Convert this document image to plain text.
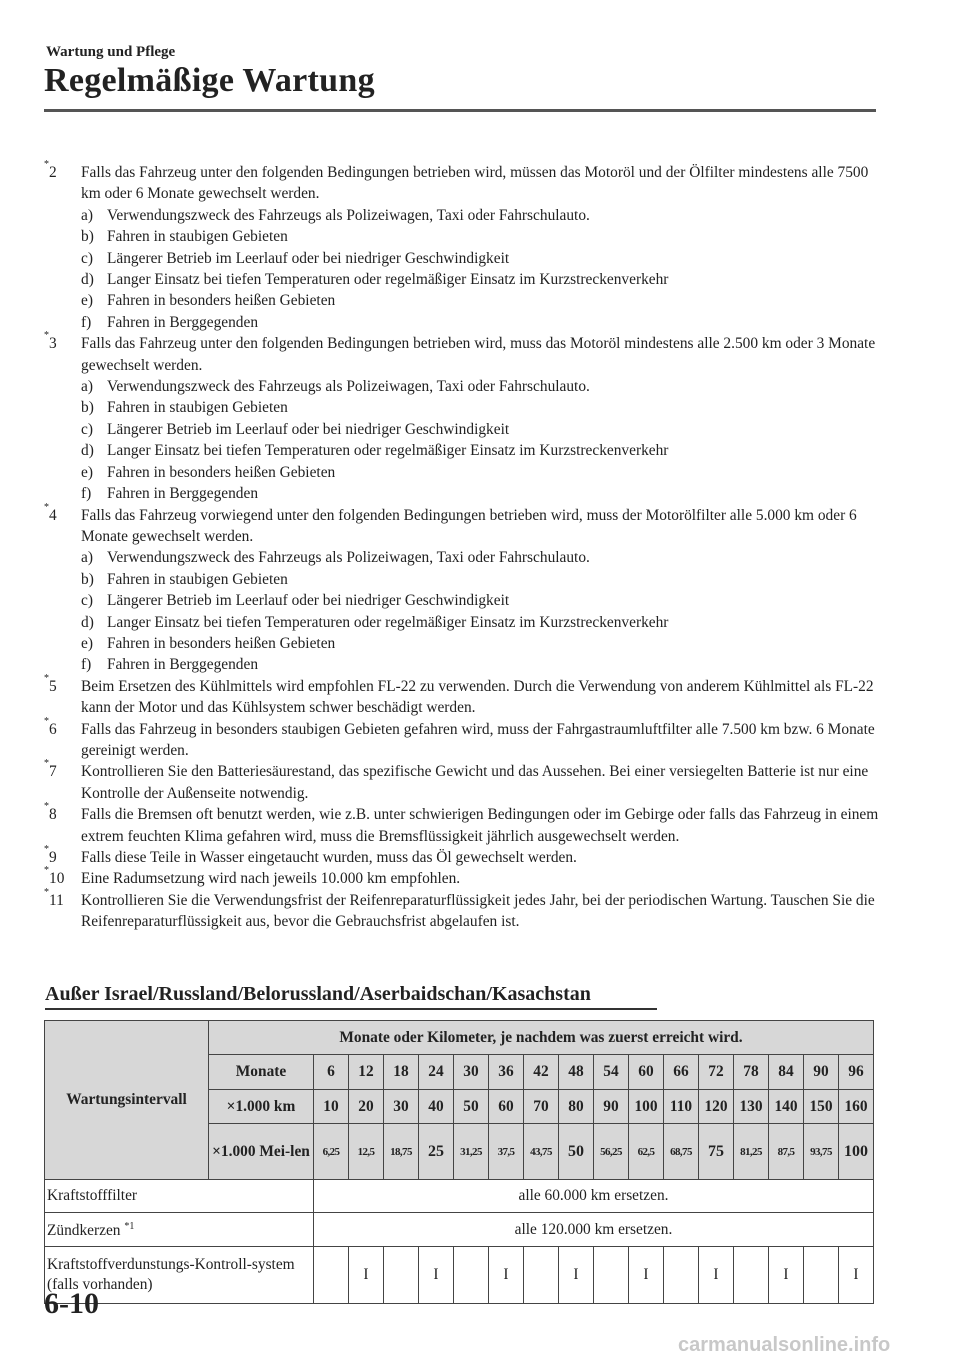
Wartung und Pflege
Regelmäßige Wartung
*2 Falls das Fahrzeug unter den folgenden Bedingungen betrieben wird, müssen das Motoröl und der Ölfilter mindestens alle 7500 km oder 6 Monate gewechselt werden.

a) Verwendungszweck des Fahrzeugs als Polizeiwagen, Taxi oder Fahrschulauto.
b) Fahren in staubigen Gebieten
c) Längerer Betrieb im Leerlauf oder bei niedriger Geschwindigkeit
d) Langer Einsatz bei tiefen Temperaturen oder regelmäßiger Einsatz im Kurzstreckenverkehr
e) Fahren in besonders heißen Gebieten
f) Fahren in Berggegenden
*3 Falls das Fahrzeug unter den folgenden Bedingungen betrieben wird, muss das Motoröl mindestens alle 2.500 km oder 3 Monate gewechselt werden.

a) Verwendungszweck des Fahrzeugs als Polizeiwagen, Taxi oder Fahrschulauto.
b) Fahren in staubigen Gebieten
c) Längerer Betrieb im Leerlauf oder bei niedriger Geschwindigkeit
d) Langer Einsatz bei tiefen Temperaturen oder regelmäßiger Einsatz im Kurzstreckenverkehr
e) Fahren in besonders heißen Gebieten
f) Fahren in Berggegenden
*4 Falls das Fahrzeug vorwiegend unter den folgenden Bedingungen betrieben wird, muss der Motorölfilter alle 5.000 km oder 6 Monate gewechselt werden.

a) Verwendungszweck des Fahrzeugs als Polizeiwagen, Taxi oder Fahrschulauto.
b) Fahren in staubigen Gebieten
c) Längerer Betrieb im Leerlauf oder bei niedriger Geschwindigkeit
d) Langer Einsatz bei tiefen Temperaturen oder regelmäßiger Einsatz im Kurzstreckenverkehr
e) Fahren in besonders heißen Gebieten
f) Fahren in Berggegenden
*5 Beim Ersetzen des Kühlmittels wird empfohlen FL-22 zu verwenden. Durch die Verwendung von anderem Kühlmittel als FL-22 kann der Motor und das Kühlsystem schwer beschädigt werden.

*6 Falls das Fahrzeug in besonders staubigen Gebieten gefahren wird, muss der Fahrgastraumluftfilter alle 7.500 km bzw. 6 Monate gereinigt werden.

*7 Kontrollieren Sie den Batteriesäurestand, das spezifische Gewicht und das Aussehen. Bei einer versiegelten Batterie ist nur eine Kontrolle der Außenseite notwendig.

*8 Falls die Bremsen oft benutzt werden, wie z.B. unter schwierigen Bedingungen oder im Gebirge oder falls das Fahrzeug in einem extrem feuchten Klima gefahren wird, muss die Bremsflüssigkeit jährlich ausgewechselt werden.

*9 Falls diese Teile in Wasser eingetaucht wurden, muss das Öl gewechselt werden.

*10 Eine Radumsetzung wird nach jeweils 10.000 km empfohlen.

*11 Kontrollieren Sie die Verwendungsfrist der Reifenreparaturflüssigkeit jedes Jahr, bei der periodischen Wartung. Tauschen Sie die Reifenreparaturflüssigkeit aus, bevor die Gebrauchsfrist abgelaufen ist.

Außer Israel/Russland/Belorussland/Aserbaidschan/Kasachstan
Wartungsintervall	Monate oder Kilometer, je nachdem was zuerst erreicht wird.																
	Monate	6	12	18	24	30	36	42	48	54	60	66	72	78	84	90	96
	×1.000 km	10	20	30	40	50	60	70	80	90	100	110	120	130	140	150	160
	×1.000 Mei-len	6,25	12,5	18,75	25	31,25	37,5	43,75	50	56,25	62,5	68,75	75	81,25	87,5	93,75	100
Kraftstofffilter		alle 60.000 km ersetzen.															
Zündkerzen $^{*1}$		alle 120.000 km ersetzen.															
Kraftstoffverdunstungs-Kontroll-system (falls vorhanden)			I		I		I		I		I		I		I		I
6-10
carmanualsonline.info
